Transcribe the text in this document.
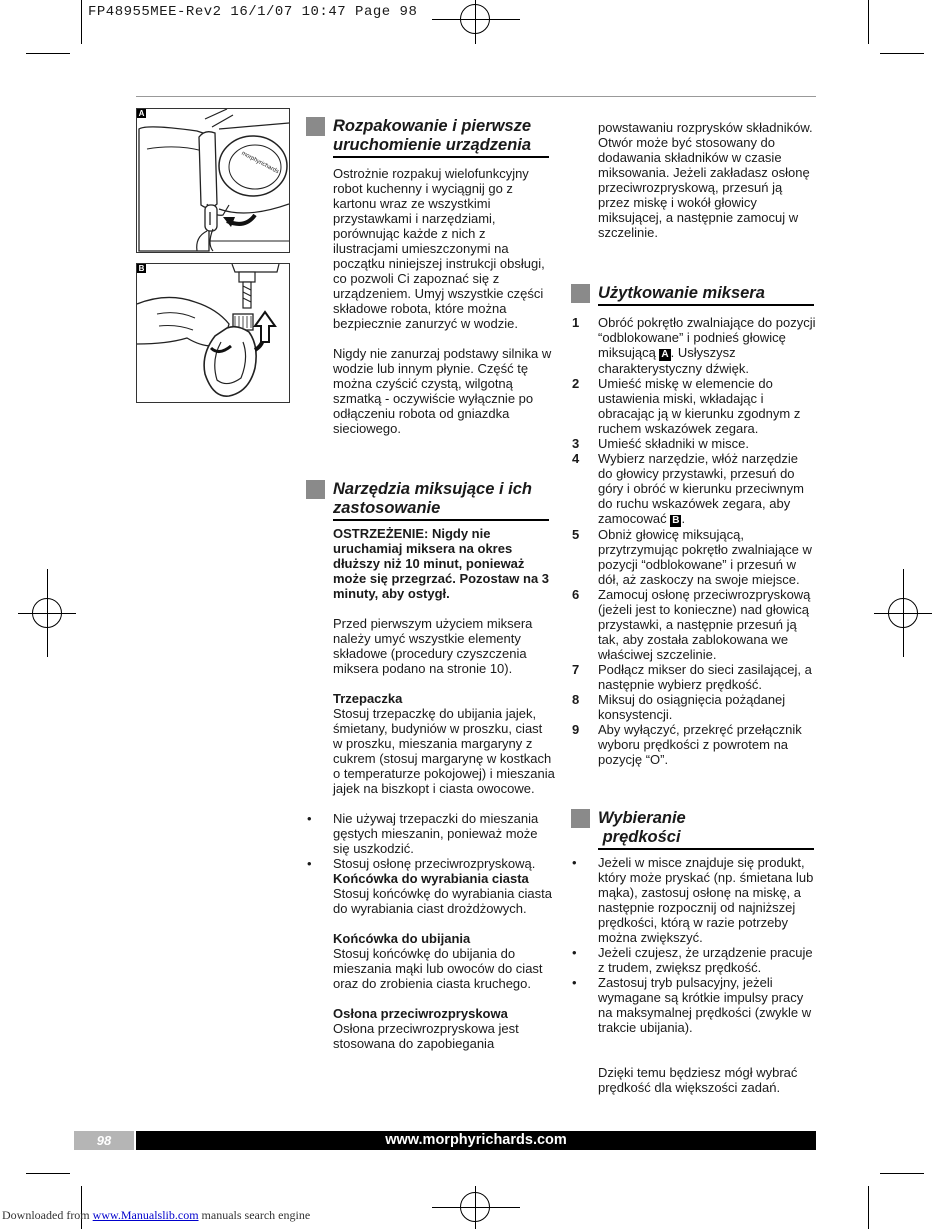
FP48955MEE-Rev2 16/1/07 10:47 Page 98
A
morphyrichards
B
Rozpakowanie i pierwsze
uruchomienie urządzenia

Ostrożnie rozpakuj wielofunkcyjny robot kuchenny i wyciągnij go z kartonu wraz ze wszystkimi przystawkami i narzędziami, porównując każde z nich z ilustracjami umieszczonymi na początku niniejszej instrukcji obsługi, co pozwoli Ci zapoznać się z urządzeniem. Umyj wszystkie części składowe robota, które można bezpiecznie zanurzyć w wodzie.

Nigdy nie zanurzaj podstawy silnika w wodzie lub innym płynie. Część tę można czyścić czystą, wilgotną szmatką - oczywiście wyłącznie po odłączeniu robota od gniazdka sieciowego.

Narzędzia miksujące i ich
zastosowanie

OSTRZEŻENIE: Nigdy nie uruchamiaj miksera na okres dłuższy niż 10 minut, ponieważ może się przegrzać. Pozostaw na 3 minuty, aby ostygł.

Przed pierwszym użyciem miksera należy umyć wszystkie elementy składowe (procedury czyszczenia miksera podano na stronie 10).

Trzepaczka

Stosuj trzepaczkę do ubijania jajek, śmietany, budyniów w proszku, ciast w proszku, mieszania margaryny z cukrem (stosuj margarynę w kostkach o temperaturze pokojowej) i mieszania jajek na biszkopt i ciasta owocowe.

• Nie używaj trzepaczki do mieszania gęstych mieszanin, ponieważ może się uszkodzić.
• Stosuj osłonę przeciwrozpryskową.
Końcówka do wyrabiania ciasta

Stosuj końcówkę do wyrabiania ciasta do wyrabiania ciast drożdżowych.

Końcówka do ubijania

Stosuj końcówkę do ubijania do mieszania mąki lub owoców do ciast oraz do zrobienia ciasta kruchego.

Osłona przeciwrozpryskowa
Osłona przeciwrozpryskowa jest stosowana do zapobiegania
powstawaniu rozprysków składników. Otwór może być stosowany do dodawania składników w czasie miksowania. Jeżeli zakładasz osłonę przeciwrozpryskową, przesuń ją przez miskę i wokół głowicy miksującej, a następnie zamocuj w szczelinie.
Użytkowanie miksera
1 Obróć pokrętło zwalniające do pozycji “odblokowane” i podnieś głowicę miksującą A . Usłyszysz charakterystyczny dźwięk.
2 Umieść miskę w elemencie do ustawienia miski, wkładając i obracając ją w kierunku zgodnym z ruchem wskazówek zegara.
3 Umieść składniki w misce.
4 Wybierz narzędzie, włóż narzędzie do głowicy przystawki, przesuń do góry i obróć w kierunku przeciwnym do ruchu wskazówek zegara, aby zamocować B .
5 Obniż głowicę miksującą, przytrzymując pokrętło zwalniające w pozycji “odblokowane” i przesuń w dół, aż zaskoczy na swoje miejsce.
6 Zamocuj osłonę przeciwrozpryskową (jeżeli jest to konieczne) nad głowicą przystawki, a następnie przesuń ją tak, aby została zablokowana we właściwej szczelinie.
7 Podłącz mikser do sieci zasilającej, a następnie wybierz prędkość.
8 Miksuj do osiągnięcia pożądanej konsystencji.
9 Aby wyłączyć, przekręć przełącznik wyboru prędkości z powrotem na pozycję “O”.
Wybieranie
prędkości
• Jeżeli w misce znajduje się produkt, który może pryskać (np. śmietana lub mąka), zastosuj osłonę na miskę, a następnie rozpocznij od najniższej prędkości, którą w razie potrzeby można zwiększyć.
• Jeżeli czujesz, że urządzenie pracuje z trudem, zwiększ prędkość.
• Zastosuj tryb pulsacyjny, jeżeli wymagane są krótkie impulsy pracy na maksymalnej prędkości (zwykle w trakcie ubijania).
Dzięki temu będziesz mógł wybrać prędkość dla większości zadań.
98	www.morphyrichards.com
Downloaded from www.Manualslib.com manuals search engine
